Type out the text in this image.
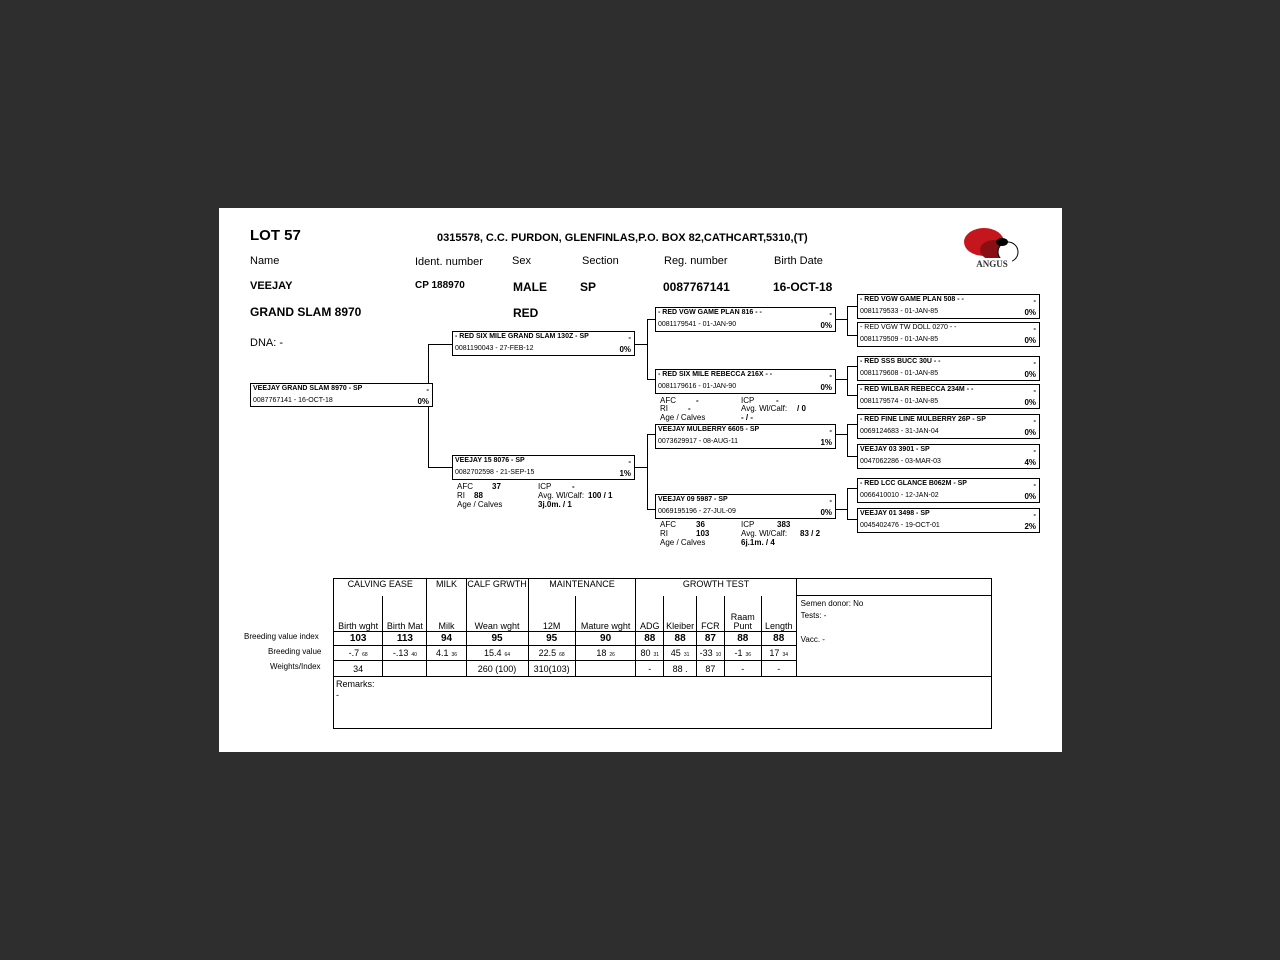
LOT 57	0315578, C.C. PURDON, GLENFINLAS,P.O. BOX 82,CATHCART,5310,(T)
ANGUS
Name	Ident. number	Sex	Section	Reg. number	Birth Date
VEEJAY	CP 188970	MALE	SP	0087767141	16-OCT-18
GRAND SLAM 8970	RED
DNA: -
VEEJAY GRAND SLAM 8970 - SP	-
0087767141 - 16-OCT-18	0%
- RED SIX MILE GRAND SLAM 130Z - SP	-
0081190043 - 27-FEB-12	0%
VEEJAY 15 8076 - SP	-
0082702598 - 21-SEP-15	1%
- RED VGW GAME PLAN 816 - -	-
0081179541 - 01-JAN-90	0%
- RED SIX MILE REBECCA 216X - -	-
0081179616 - 01-JAN-90	0%
VEEJAY MULBERRY 6605 - SP	-
0073629917 - 08-AUG-11	1%
VEEJAY 09 5987 - SP	-
0069195196 - 27-JUL-09	0%
- RED VGW GAME PLAN 508 - -	-
0081179533 - 01-JAN-85	0%
- RED VGW TW DOLL 0270 - -	-
0081179509 - 01-JAN-85	0%
- RED SSS BUCC 30U - -	-
0081179608 - 01-JAN-85	0%
- RED WILBAR REBECCA 234M - -	-
0081179574 - 01-JAN-85	0%
- RED FINE LINE MULBERRY 26P - SP	-
0069124683 - 31-JAN-04	0%
VEEJAY 03 3901 - SP	-
0047062286 - 03-MAR-03	4%
- RED LCC GLANCE B062M - SP	-
0066410010 - 12-JAN-02	0%
VEEJAY 01 3498 - SP	-
0045402476 - 19-OCT-01	2%
AFC 37	ICP	-
RI 88	Avg. Wl/Calf: 100 / 1
Age / Calves	3j.0m. / 1
AFC	-	ICP	-
RI	-	Avg. Wl/Calf: / 0
Age / Calves	- / -
AFC	36	ICP	383
RI	103	Avg. Wl/Calf: 83 / 2
Age / Calves	6j.1m. / 4
Breeding value index
Breeding value
Weights/Index
CALVING EASE		MILK	CALF GRWTH	MAINTENANCE		GROWTH TEST					
Birth wght	Birth Mat	Milk	Wean wght	12M	Mature wght	ADG	Kleiber	FCR	Raam Punt	Length	Semen donor: No
Tests: -
Vacc. -

103	113	94	95	95	90	88	88	87	88	88	
-.7 68	-.13 40	4.1 36	15.4 64	22.5 68	18 26	80 31	45 31	-33 10	-1 36	17 34	
34			260 (100)	310(103)		-	88 .	87	-	-	

Remarks:
-											
